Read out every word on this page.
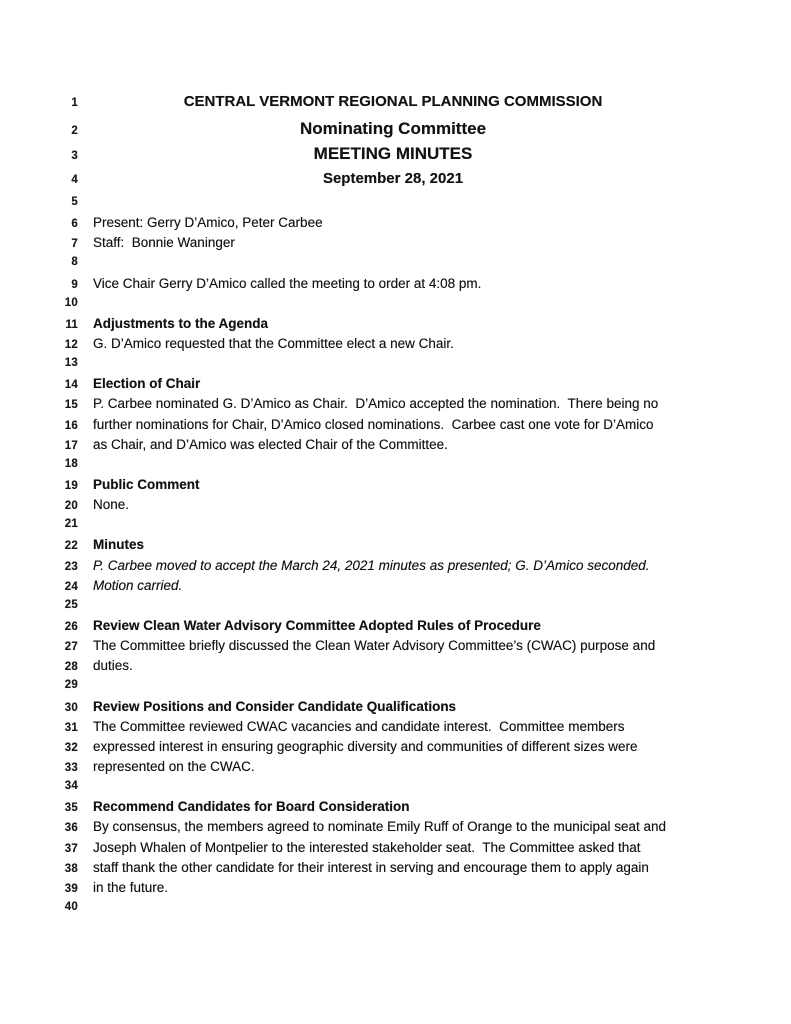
1	CENTRAL VERMONT REGIONAL PLANNING COMMISSION
2	Nominating Committee
3	MEETING MINUTES
4	September 28, 2021
5
6 Present: Gerry D’Amico, Peter Carbee
7 Staff:  Bonnie Waninger
8
9 Vice Chair Gerry D’Amico called the meeting to order at 4:08 pm.
10
11 Adjustments to the Agenda
12 G. D’Amico requested that the Committee elect a new Chair.
13
14 Election of Chair
15 P. Carbee nominated G. D’Amico as Chair.  D’Amico accepted the nomination.  There being no
16 further nominations for Chair, D’Amico closed nominations.  Carbee cast one vote for D’Amico
17 as Chair, and D’Amico was elected Chair of the Committee.
18
19 Public Comment
20 None.
21
22 Minutes
23 P. Carbee moved to accept the March 24, 2021 minutes as presented; G. D’Amico seconded.
24 Motion carried.
25
26 Review Clean Water Advisory Committee Adopted Rules of Procedure
27 The Committee briefly discussed the Clean Water Advisory Committee’s (CWAC) purpose and
28 duties.
29
30 Review Positions and Consider Candidate Qualifications
31 The Committee reviewed CWAC vacancies and candidate interest.  Committee members
32 expressed interest in ensuring geographic diversity and communities of different sizes were
33 represented on the CWAC.
34
35 Recommend Candidates for Board Consideration
36 By consensus, the members agreed to nominate Emily Ruff of Orange to the municipal seat and
37 Joseph Whalen of Montpelier to the interested stakeholder seat.  The Committee asked that
38 staff thank the other candidate for their interest in serving and encourage them to apply again
39 in the future.
40
